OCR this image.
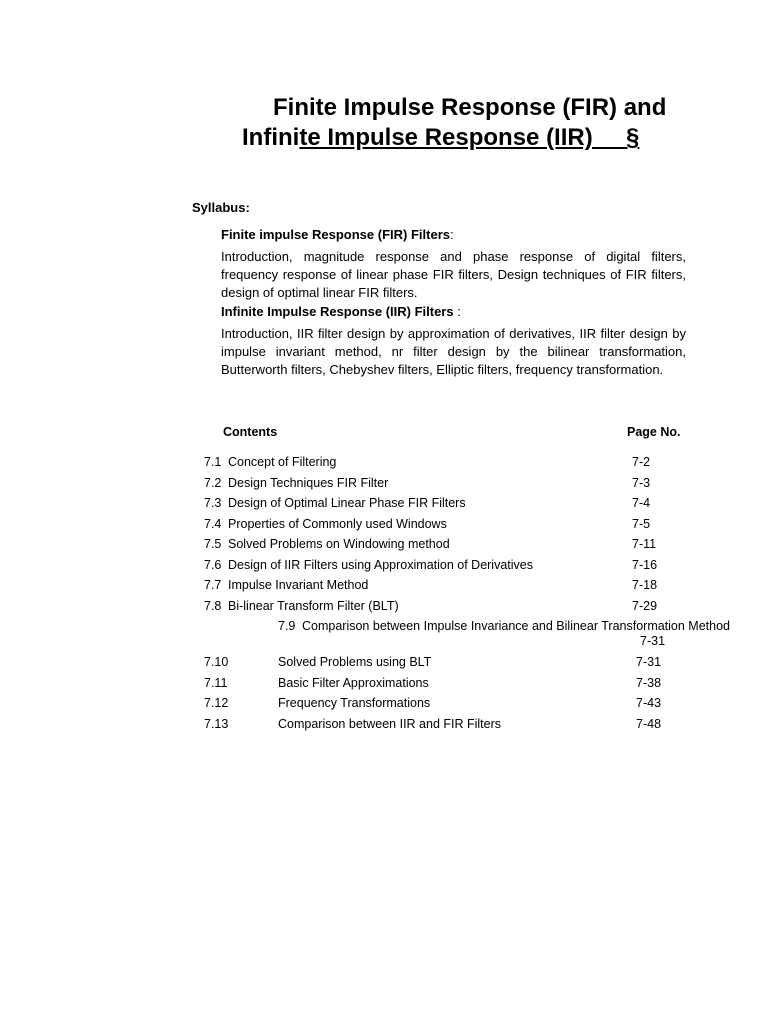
Finite Impulse Response (FIR) and
Infinite Impulse Response (IIR)     §
Syllabus:
Finite impulse Response (FIR) Filters:
Introduction, magnitude response and phase response of digital filters, frequency response of linear phase FIR filters, Design techniques of FIR filters, design of optimal linear FIR filters.
Infinite Impulse Response (IIR) Filters :
Introduction, IIR filter design by approximation of derivatives, IIR filter design by impulse invariant method, nr filter design by the bilinear transformation, Butterworth filters, Chebyshev filters, Elliptic filters, frequency transformation.
Contents	Page No.
7.1 Concept of Filtering	7-2
7.2 Design Techniques FIR Filter	7-3
7.3 Design of Optimal Linear Phase FIR Filters	7-4
7.4 Properties of Commonly used Windows	7-5
7.5 Solved Problems on Windowing method	7-11
7.6 Design of IIR Filters using Approximation of Derivatives	7-16
7.7 Impulse Invariant Method	7-18
7.8 Bi-linear Transform Filter (BLT)	7-29
7.9 Comparison between Impulse Invariance and Bilinear Transformation Method
7-31
7.10	Solved Problems using BLT	7-31
7.11	Basic Filter Approximations	7-38
7.12	Frequency Transformations	7-43
7.13	Comparison between IIR and FIR Filters	7-48
